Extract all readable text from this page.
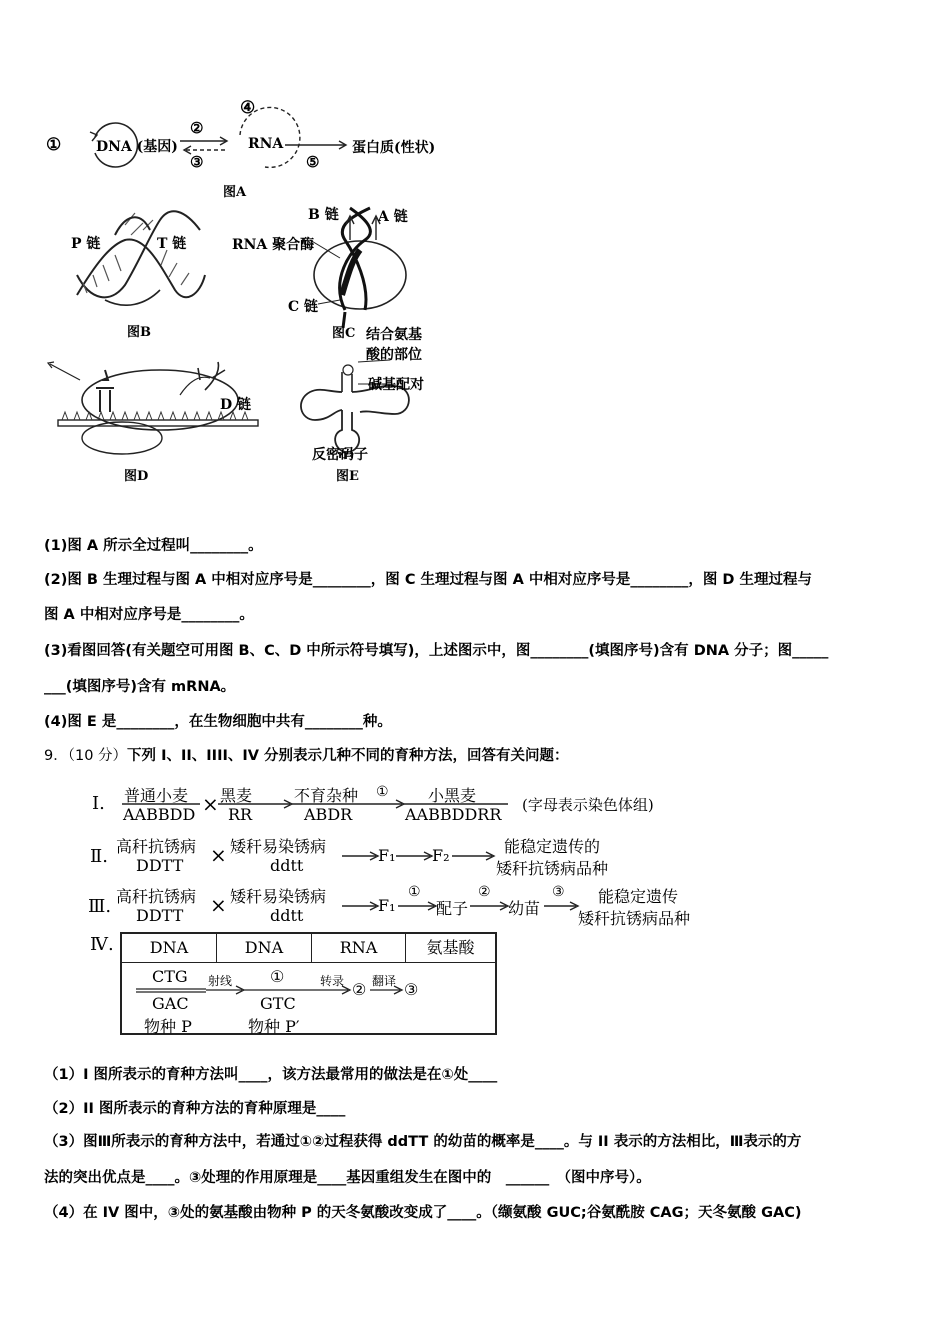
① DNA (基因)
②
③
④
RNA
⑤
蛋白质(性状)
图A
P 链	T 链
图B
B 链	A 链
RNA 聚合酶
C 链
图C
D 链
图D
结合氨基
酸的部位
碱基配对
反密码子
图E
(1)图 A 所示全过程叫________。
(2)图 B 生理过程与图 A 中相对应序号是________，图 C 生理过程与图 A 中相对应序号是________，图 D 生理过程与
图 A 中相对应序号是________。
(3)看图回答(有关题空可用图 B、C、D 中所示符号填写)，上述图示中，图________(填图序号)含有 DNA 分子；图_____
___(填图序号)含有 mRNA。
(4)图 E 是________，在生物细胞中共有________种。
9．（10 分）下列 I、II、IIII、IV 分别表示几种不同的育种方法，回答有关问题：
Ⅰ. 普通小麦
AABBDD × 黑麦
RR
不育杂种
ABDR
① 小黑麦
AABBDDRR (字母表示染色体组)
Ⅱ. 高秆抗锈病
DDTT × 矮秆易染锈病
ddtt
F₁ F₂	能稳定遗传的
矮秆抗锈病品种
Ⅲ. 高秆抗锈病
DDTT × 矮秆易染锈病
ddtt
F₁
①
配子
②
幼苗
③ 能稳定遗传
矮秆抗锈病品种
Ⅳ.	DNA	DNA	RNA	氨基酸
CTG
GAC
物种 P
射线 ①
GTC
物种 P′
转录 ② 翻译 ③
（1）I 图所表示的育种方法叫____，该方法最常用的做法是在①处____
（2）II 图所表示的育种方法的育种原理是____
（3）图Ⅲ所表示的育种方法中，若通过①②过程获得 ddTT 的幼苗的概率是____。与 II 表示的方法相比，Ⅲ表示的方
法的突出优点是____。③处理的作用原理是____基因重组发生在图中的　______　（图中序号）。
（4）在 IV 图中，③处的氨基酸由物种 P 的天冬氨酸改变成了____。（缬氨酸 GUC;谷氨酰胺 CAG；天冬氨酸 GAC)
